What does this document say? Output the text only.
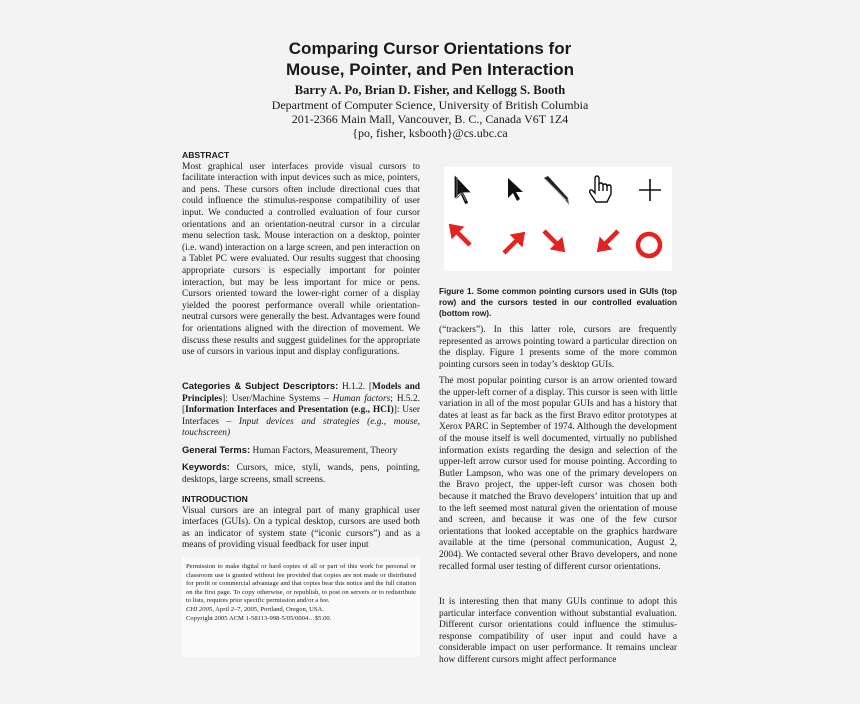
Comparing Cursor Orientations for
Mouse, Pointer, and Pen Interaction
Barry A. Po, Brian D. Fisher, and Kellogg S. Booth
Department of Computer Science, University of British Columbia
201-2366 Main Mall, Vancouver, B. C., Canada V6T 1Z4
{po, fisher, ksbooth}@cs.ubc.ca
ABSTRACT
Most graphical user interfaces provide visual cursors to facilitate interaction with input devices such as mice, pointers, and pens. These cursors often include directional cues that could influence the stimulus-response compatibility of user input. We conducted a controlled evaluation of four cursor orientations and an orientation-neutral cursor in a circular menu selection task. Mouse interaction on a desktop, pointer (i.e. wand) interaction on a large screen, and pen interaction on a Tablet PC were evaluated. Our results suggest that choosing appropriate cursors is especially important for pointer interaction, but may be less important for mice or pens. Cursors oriented toward the lower-right corner of a display yielded the poorest performance overall while orientation-neutral cursors were generally the best. Advantages were found for orientations aligned with the direction of movement. We discuss these results and suggest guidelines for the appropriate use of cursors in various input and display configurations.
Categories & Subject Descriptors: H.1.2. [Models and Principles]: User/Machine Systems – Human factors; H.5.2. [Information Interfaces and Presentation (e.g., HCI)]: User Interfaces – Input devices and strategies (e.g., mouse, touchscreen)
General Terms: Human Factors, Measurement, Theory
Keywords: Cursors, mice, styli, wands, pens, pointing, desktops, large screens, small screens.
INTRODUCTION
Visual cursors are an integral part of many graphical user interfaces (GUIs). On a typical desktop, cursors are used both as an indicator of system state (“iconic cursors”) and as a means of providing visual feedback for user input
Permission to make digital or hard copies of all or part of this work for personal or classroom use is granted without fee provided that copies are not made or distributed for profit or commercial advantage and that copies bear this notice and the full citation on the first page. To copy otherwise, or republish, to post on servers or to redistribute to lists, requires prior specific permission and/or a fee.
CHI 2005, April 2–7, 2005, Portland, Oregon, USA.
Copyright 2005 ACM 1-58113-998-5/05/0004…$5.00.
Figure 1. Some common pointing cursors used in GUIs (top row) and the cursors tested in our controlled evaluation (bottom row).
(“trackers”). In this latter role, cursors are frequently represented as arrows pointing toward a particular direction on the display. Figure 1 presents some of the more common pointing cursors seen in today’s desktop GUIs.
The most popular pointing cursor is an arrow oriented toward the upper-left corner of a display. This cursor is seen with little variation in all of the most popular GUIs and has a history that dates at least as far back as the first Bravo editor prototypes at Xerox PARC in September of 1974. Although the development of the mouse itself is well documented, virtually no published information exists regarding the design and selection of the upper-left arrow cursor used for mouse pointing. According to Butler Lampson, who was one of the primary developers on the Bravo project, the upper-left cursor was chosen both because it matched the Bravo developers’ intuition that up and to the left seemed most natural given the orientation of mouse and screen, and because it was one of the few cursor orientations that looked acceptable on the graphics hardware available at the time (personal communication, August 2, 2004). We contacted several other Bravo developers, and none recalled formal user testing of different cursor orientations.
It is interesting then that many GUIs continue to adopt this particular interface convention without substantial evaluation. Different cursor orientations could influence the stimulus-response compatibility of user input and could have a considerable impact on user performance. It remains unclear how different cursors might affect performance
